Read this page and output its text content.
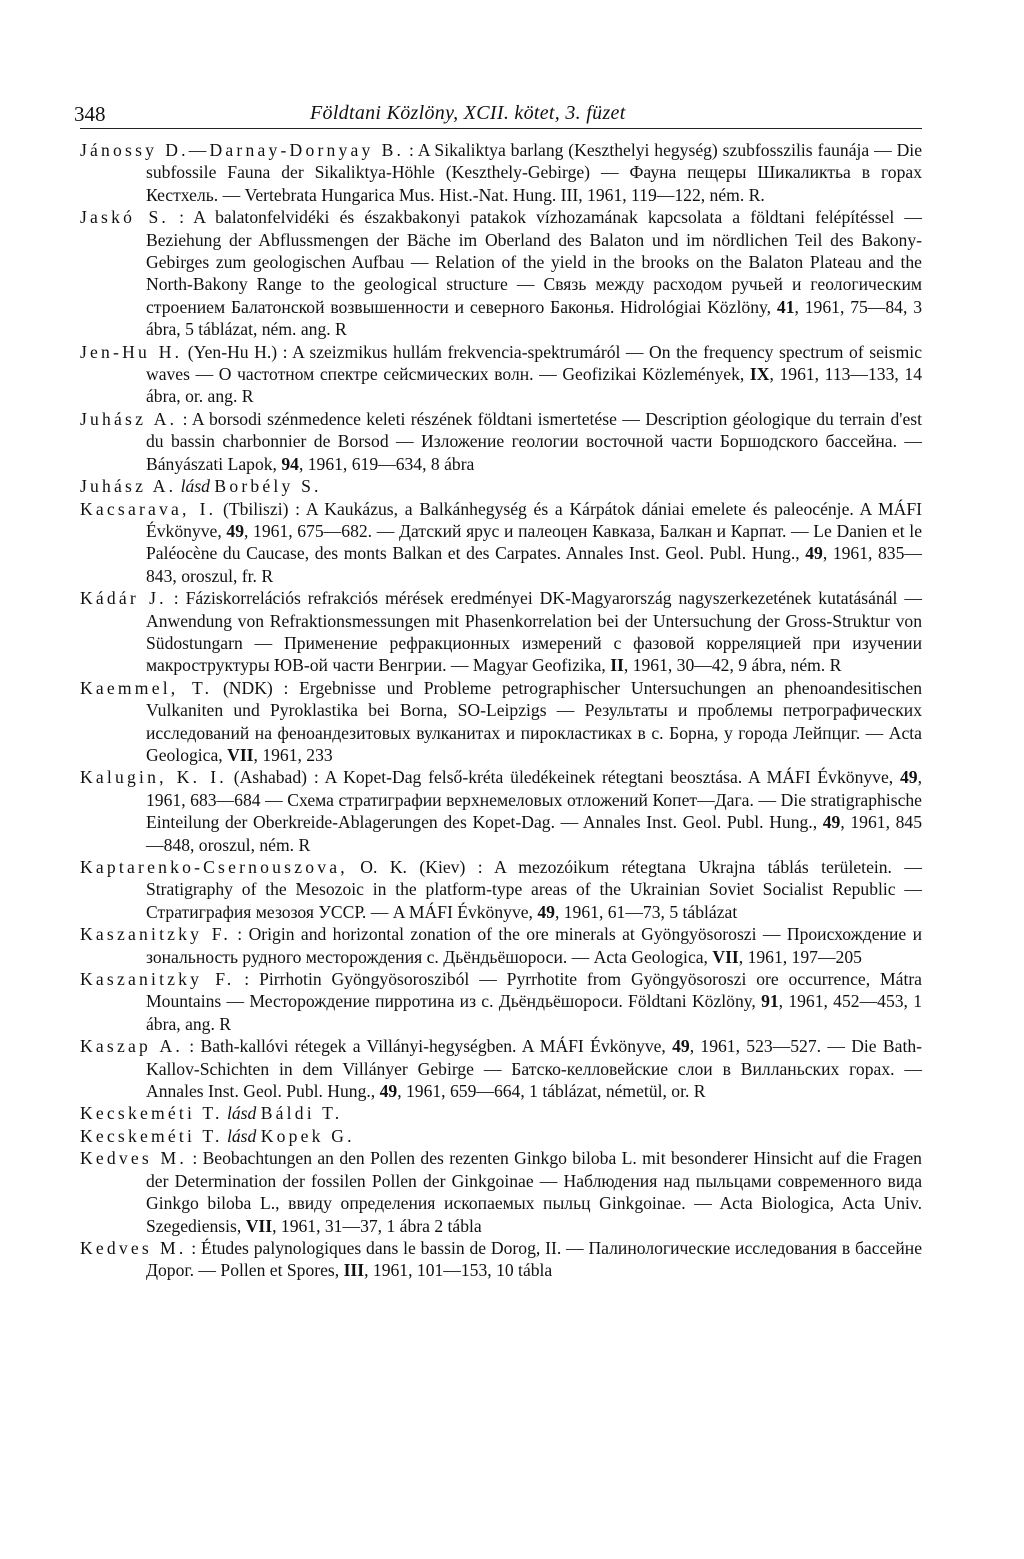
348	Földtani Közlöny, XCII. kötet, 3. füzet

Jánossy D.—Darnay-Dornyay B. : A Sikaliktya barlang (Keszthelyi hegység) szubfosszilis faunája — Die subfossile Fauna der Sikaliktya-Höhle (Keszthely-Gebirge) — Фауна пещеры Шикаликтьа в горах Кестхель. — Vertebrata Hungarica Mus. Hist.-Nat. Hung. III, 1961, 119—122, ném. R.

Jaskó S. : A balatonfelvidéki és északbakonyi patakok vízhozamának kapcsolata a földtani felépítéssel — Beziehung der Abflussmengen der Bäche im Oberland des Balaton und im nördlichen Teil des Bakony-Gebirges zum geologischen Aufbau — Relation of the yield in the brooks on the Balaton Plateau and the North-Bakony Range to the geological structure — Связь между расходом ручьей и геологическим строением Балатонской возвышенности и северного Баконья. Hidrológiai Közlöny, 41, 1961, 75—84, 3 ábra, 5 táblázat, ném. ang. R

Jen-Hu H. (Yen-Hu H.) : A szeizmikus hullám frekvencia-spektrumáról — On the frequency spectrum of seismic waves — О частотном спектре сейсмических волн. — Geofizikai Közlemények, IX, 1961, 113—133, 14 ábra, or. ang. R

Juhász A. : A borsodi szénmedence keleti részének földtani ismertetése — Description géologique du terrain d'est du bassin charbonnier de Borsod — Изложение геологии восточной части Боршодского бассейна. — Bányászati Lapok, 94, 1961, 619—634, 8 ábra

Juhász A. lásd Borbély S.

Kacsarava, I. (Tbiliszi) : A Kaukázus, a Balkánhegység és a Kárpátok dániai emelete és paleocénje. A MÁFI Évkönyve, 49, 1961, 675—682. — Датский ярус и палеоцен Кавказа, Балкан и Карпат. — Le Danien et le Paléocène du Caucase, des monts Balkan et des Carpates. Annales Inst. Geol. Publ. Hung., 49, 1961, 835—843, oroszul, fr. R

Kádár J. : Fáziskorrelációs refrakciós mérések eredményei DK-Magyarország nagyszerkezetének kutatásánál — Anwendung von Refraktionsmessungen mit Phasenkorrelation bei der Untersuchung der Gross-Struktur von Südostungarn — Применение рефракционных измерений с фазовой корреляцией при изучении макроструктуры ЮВ-ой части Венгрии. — Magyar Geofizika, II, 1961, 30—42, 9 ábra, ném. R

Kaemmel, T. (NDK) : Ergebnisse und Probleme petrographischer Untersuchungen an phenoandesitischen Vulkaniten und Pyroklastika bei Borna, SO-Leipzigs — Результаты и проблемы петрографических исследований на феноандезитовых вулканитах и пирокластиках в с. Борна, у города Лейпциг. — Acta Geologica, VII, 1961, 233

Kalugin, K. I. (Ashabad) : A Kopet-Dag felső-kréta üledékeinek rétegtani beosztása. A MÁFI Évkönyve, 49, 1961, 683—684 — Схема стратиграфии верхнемеловых отложений Копет—Дага. — Die stratigraphische Einteilung der Oberkreide-Ablagerungen des Kopet-Dag. — Annales Inst. Geol. Publ. Hung., 49, 1961, 845—848, oroszul, ném. R

Kaptarenko-Csernouszova, O. K. (Kiev) : A mezozóikum rétegtana Ukrajna táblás területein. — Stratigraphy of the Mesozoic in the platform-type areas of the Ukrainian Soviet Socialist Republic — Стратиграфия мезозоя УССР. — A MÁFI Évkönyve, 49, 1961, 61—73, 5 táblázat

Kaszanitzky F. : Origin and horizontal zonation of the ore minerals at Gyöngyösoroszi — Происхождение и зональность рудного месторождения с. Дьёндьёшороси. — Acta Geologica, VII, 1961, 197—205

Kaszanitzky F. : Pirrhotin Gyöngyösorosziból — Pyrrhotite from Gyöngyösoroszi ore occurrence, Mátra Mountains — Месторождение пирротина из с. Дьёндьёшороси. Földtani Közlöny, 91, 1961, 452—453, 1 ábra, ang. R

Kaszap A. : Bath-kallóvi rétegek a Villányi-hegységben. A MÁFI Évkönyve, 49, 1961, 523—527. — Die Bath-Kallov-Schichten in dem Villányer Gebirge — Батско-келловейские слои в Вилланьских горах. — Annales Inst. Geol. Publ. Hung., 49, 1961, 659—664, 1 táblázat, németül, or. R

Kecskeméti T. lásd Báldi T.

Kecskeméti T. lásd Kopek G.

Kedves M. : Beobachtungen an den Pollen des rezenten Ginkgo biloba L. mit besonderer Hinsicht auf die Fragen der Determination der fossilen Pollen der Ginkgoinae — Наблюдения над пыльцами современного вида Ginkgo biloba L., ввиду определения ископаемых пыльц Ginkgoinae. — Acta Biologica, Acta Univ. Szegediensis, VII, 1961, 31—37, 1 ábra 2 tábla

Kedves M. : Études palynologiques dans le bassin de Dorog, II. — Палинологические исследования в бассейне Дорог. — Pollen et Spores, III, 1961, 101—153, 10 tábla
